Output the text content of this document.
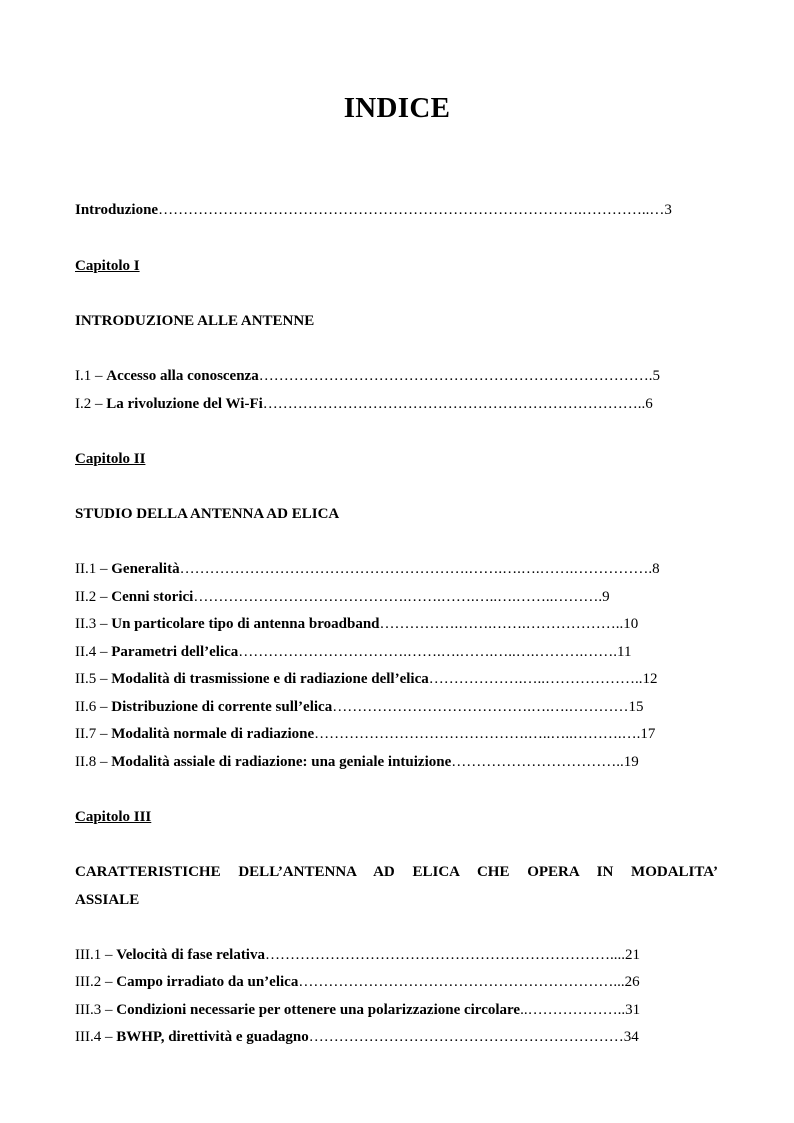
INDICE
Introduzione………………………………………………………………………….…………..…3
Capitolo I
INTRODUZIONE ALLE ANTENNE
I.1 – Accesso alla conoscenza…………………………………………………………………….5
I.2 – La rivoluzione del Wi-Fi…………………………………………………………………..6
Capitolo II
STUDIO DELLA ANTENNA AD ELICA
II.1 – Generalità………………………………………………….…….….….…….…………….8
II.2 – Cenni storici…………………………………….…….…….…..….……..……….9
II.3 – Un particolare tipo di antenna broadband…………….…….…….………………..10
II.4 – Parametri dell’elica…………………………….…….….…….…..….……….…….11
II.5 – Modalità di trasmissione e di radiazione dell’elica……………….…..………………..12
II.6 – Distribuzione di corrente sull’elica………………………………….….….…………15
II.7 – Modalità normale di radiazione…………………………………….…..…..……….….17
II.8 – Modalità assiale di radiazione: una geniale intuizione……………………………..19
Capitolo III
CARATTERISTICHE DELL’ANTENNA AD ELICA CHE OPERA IN MODALITA’
ASSIALE
III.1 – Velocità di fase relativa……………………………………………………………....21
III.2 – Campo irradiato da un’elica………………………………………………………...26
III.3 – Condizioni necessarie per ottenere una polarizzazione circolare..………………..31
III.4 – BWHP, direttività e guadagno………………………………………………………34
